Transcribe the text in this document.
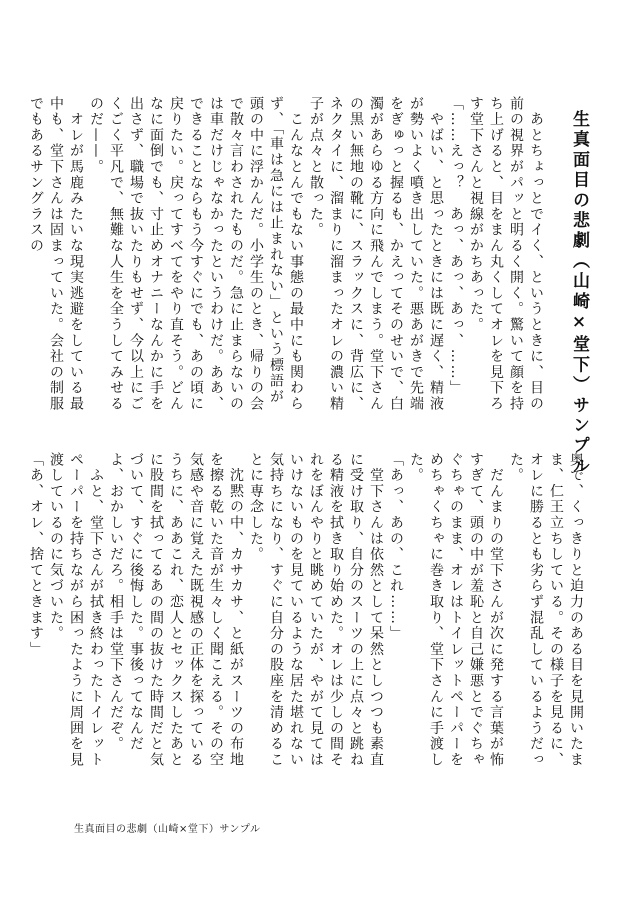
生真面目の悲劇（山崎×堂下）サンプル

　あとちょっとでイく、というときに、目の前の視界がパッと明るく開く。驚いて顔を持ち上げると、目をまん丸くしてオレを見下ろす堂下さんと視線がかちあった。

「……えっ？　あっ、あっ、あっ、……」

　やばい、と思ったときには既に遅く、精液が勢いよく噴き出していた。悪あがきで先端をぎゅっと握るも、かえってそのせいで、白濁があらゆる方向に飛んでしまう。堂下さんの黒い無地の靴に、スラックスに、背広に、ネクタイに、溜まりに溜まったオレの濃い精子が点々と散った。

　こんなとんでもない事態の最中にも関わらず、「車は急には止まれない」という標語が頭の中に浮かんだ。小学生のとき、帰りの会で散々言わされたものだ。急に止まらないのは車だけじゃなかったというわけだ。ああ、できることならもう今すぐにでも、あの頃に戻りたい。戻ってすべてをやり直そう。どんなに面倒でも、寸止めオナニーなんかに手を出さず、職場で抜いたりもせず、今以上にごくごく平凡で、無難な人生を全うしてみせるのだ——。

　オレが馬鹿みたいな現実逃避をしている最中も、堂下さんは固まっていた。会社の制服でもあるサングラスの

奥で、くっきりと迫力のある目を見開いたまま、仁王立ちしている。その様子を見るに、オレに勝るとも劣らず混乱しているようだった。

　だんまりの堂下さんが次に発する言葉が怖すぎて、頭の中が羞恥と自己嫌悪とでぐちゃぐちゃのまま、オレはトイレットペーパーをめちゃくちゃに巻き取り、堂下さんに手渡した。

「あっ、あの、これ……」

　堂下さんは依然として呆然としつつも素直に受け取り、自分のスーツの上に点々と跳ねる精液を拭き取り始めた。オレは少しの間それをぼんやりと眺めていたが、やがて見てはいけないものを見ているような居た堪れない気持ちになり、すぐに自分の股座を清めることに専念した。

　沈黙の中、カサカサ、と紙がスーツの布地を擦る乾いた音が生々しく聞こえる。その空気感や音に覚えた既視感の正体を探っているうちに、ああこれ、恋人とセックスしたあとに股間を拭ってるあの間の抜けた時間だと気づいて、すぐに後悔した。事後ってなんだよ、おかしいだろ。相手は堂下さんだぞ。

　ふと、堂下さんが拭き終わったトイレットペーパーを持ちながら困ったように周囲を見渡しているのに気づいた。

「あ、オレ、捨てときます」

生真面目の悲劇（山崎×堂下）サンプル
